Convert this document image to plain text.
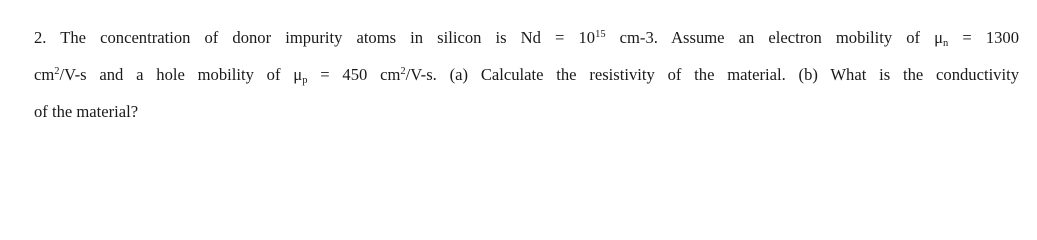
2. The concentration of donor impurity atoms in silicon is $Nd = 10^{15}$ cm-3. Assume an electron mobility of $\mu_n = 1300$
$cm^2/V-s$ and a hole mobility of $\mu_p = 450$ $cm^2/V-s$. (a) Calculate the resistivity of the material. (b) What is the conductivity
of the material?
